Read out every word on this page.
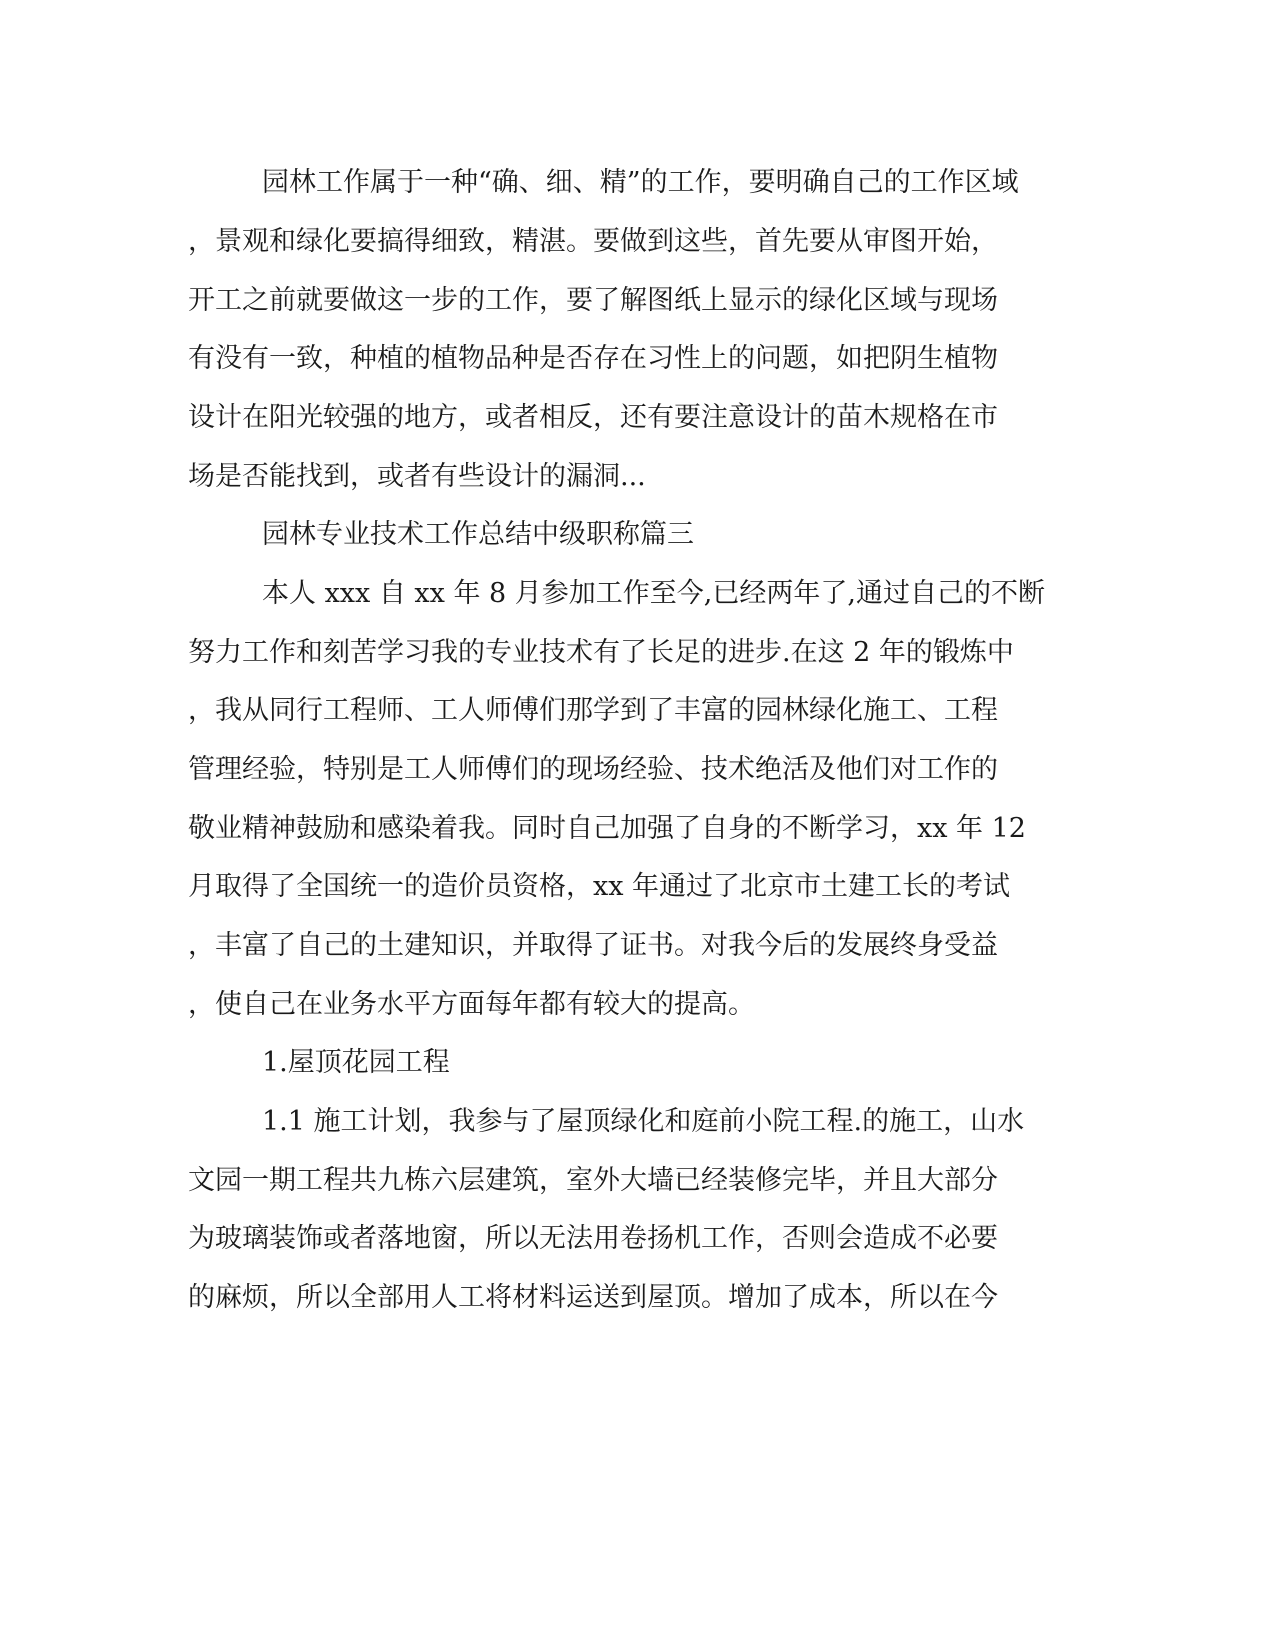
园林工作属于一种“确、细、精”的工作，要明确自己的工作区域
，景观和绿化要搞得细致，精湛。要做到这些，首先要从审图开始，
开工之前就要做这一步的工作，要了解图纸上显示的绿化区域与现场
有没有一致，种植的植物品种是否存在习性上的问题，如把阴生植物
设计在阳光较强的地方，或者相反，还有要注意设计的苗木规格在市
场是否能找到，或者有些设计的漏洞...
园林专业技术工作总结中级职称篇三
本人 xxx 自 xx 年 8 月参加工作至今,已经两年了,通过自己的不断
努力工作和刻苦学习我的专业技术有了长足的进步.在这 2 年的锻炼中
，我从同行工程师、工人师傅们那学到了丰富的园林绿化施工、工程
管理经验，特别是工人师傅们的现场经验、技术绝活及他们对工作的
敬业精神鼓励和感染着我。同时自己加强了自身的不断学习，xx 年 12
月取得了全国统一的造价员资格，xx 年通过了北京市土建工长的考试
，丰富了自己的土建知识，并取得了证书。对我今后的发展终身受益
，使自己在业务水平方面每年都有较大的提高。
1.屋顶花园工程
1.1 施工计划，我参与了屋顶绿化和庭前小院工程.的施工，山水
文园一期工程共九栋六层建筑，室外大墙已经装修完毕，并且大部分
为玻璃装饰或者落地窗，所以无法用卷扬机工作，否则会造成不必要
的麻烦，所以全部用人工将材料运送到屋顶。增加了成本，所以在今
